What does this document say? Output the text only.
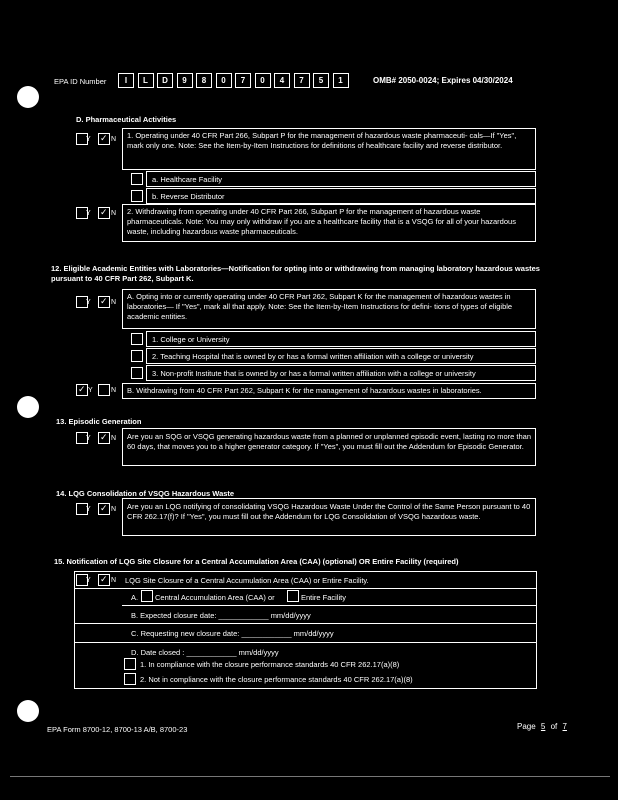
EPA ID Number	I	L	D	9	8	0	7	0	4	7	5	1	OMB# 2050-0024; Expires 04/30/2024
D. Pharmaceutical Activities
Y ✓ N 1. Operating under 40 CFR Part 266, Subpart P for the management of hazardous waste pharmaceuti- cals—If "Yes", mark only one. Note: See the Item-by-Item Instructions for definitions of healthcare facility and reverse distributor.
a. Healthcare Facility
b. Reverse Distributor
Y ✓ N 2. Withdrawing from operating under 40 CFR Part 266, Subpart P for the management of hazardous waste pharmaceuticals. Note: You may only withdraw if you are a healthcare facility that is a VSQG for all of your hazardous waste, including hazardous waste pharmaceuticals.
12. Eligible Academic Entities with Laboratories—Notification for opting into or withdrawing from managing laboratory hazardous wastes pursuant to 40 CFR Part 262, Subpart K.
Y ✓ N
A. Opting into or currently operating under 40 CFR Part 262, Subpart K for the management of hazardous wastes in laboratories— If "Yes", mark all that apply. Note: See the Item-by-Item Instructions for defini- tions of types of eligible academic entities.
1. College or University
2. Teaching Hospital that is owned by or has a formal written affiliation with a college or university
3. Non-profit Institute that is owned by or has a formal written affiliation with a college or university
✓ Y	N B. Withdrawing from 40 CFR Part 262, Subpart K for the management of hazardous wastes in laboratories.
13. Episodic Generation
Y ✓ N Are you an SQG or VSQG generating hazardous waste from a planned or unplanned episodic event, lasting no more than 60 days, that moves you to a higher generator category. If "Yes", you must fill out the Addendum for Episodic Generator.
14. LQG Consolidation of VSQG Hazardous Waste
Y ✓ N Are you an LQG notifying of consolidating VSQG Hazardous Waste Under the Control of the Same Person pursuant to 40 CFR 262.17(f)? If "Yes", you must fill out the Addendum for LQG Consolidation of VSQG hazardous waste.
15. Notification of LQG Site Closure for a Central Accumulation Area (CAA) (optional) OR Entire Facility (required)
Y ✓ N LQG Site Closure of a Central Accumulation Area (CAA) or Entire Facility.
A. Central Accumulation Area (CAA) or	Entire Facility
B. Expected closure date: ____________ mm/dd/yyyy
C. Requesting new closure date: ____________ mm/dd/yyyy
D. Date closed : ____________ mm/dd/yyyy
1. In compliance with the closure performance standards 40 CFR 262.17(a)(8)
2. Not in compliance with the closure performance standards 40 CFR 262.17(a)(8)
EPA Form 8700-12, 8700-13 A/B, 8700-23	Page 5 of 7
